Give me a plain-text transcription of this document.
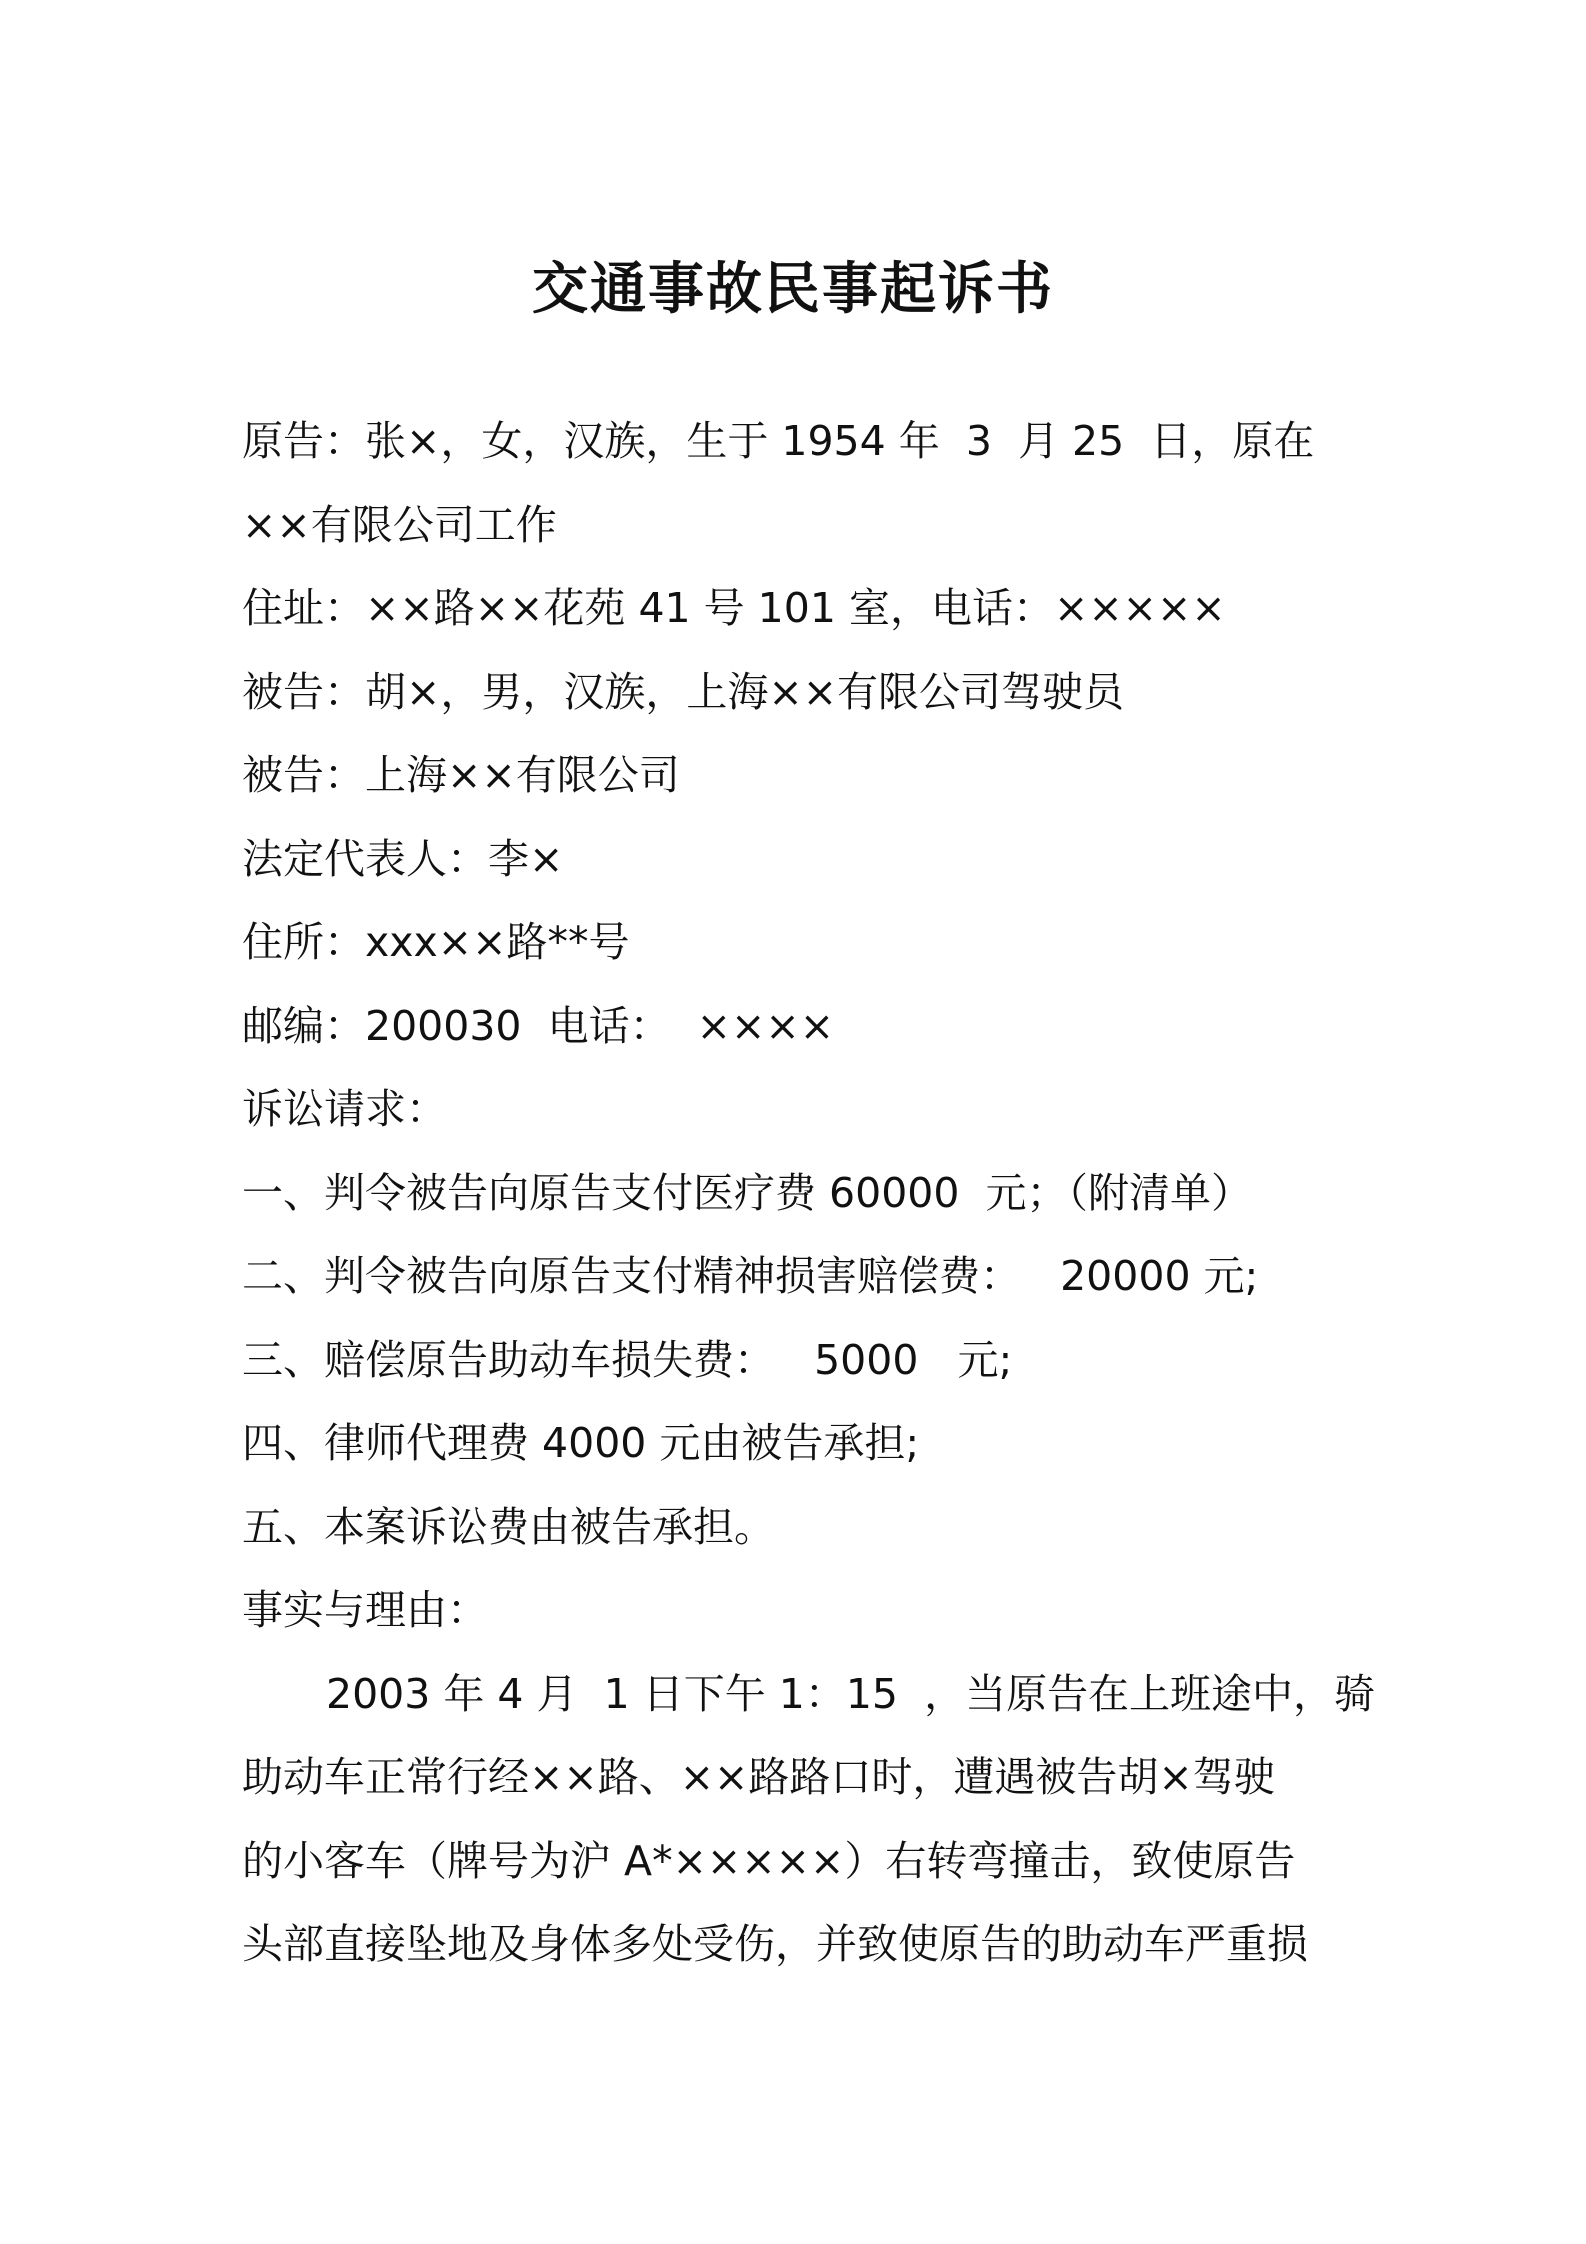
交通事故民事起诉书
原告：张×，女，汉族，生于 1954 年  3  月 25  日，原在
××有限公司工作
住址：××路××花苑 41 号 101 室，电话：×××××
被告：胡×，男，汉族，上海××有限公司驾驶员
被告：上海××有限公司
法定代表人：李×
住所：xxx××路**号
邮编：200030  电话：  ××××
诉讼请求：
一、判令被告向原告支付医疗费 60000  元；（附清单）
二、判令被告向原告支付精神损害赔偿费：   20000 元;
三、赔偿原告助动车损失费：   5000   元;
四、律师代理费 4000 元由被告承担;
五、本案诉讼费由被告承担。
事实与理由：
2003 年 4 月  1 日下午 1：15  ，当原告在上班途中，骑
助动车正常行经××路、××路路口时，遭遇被告胡×驾驶
的小客车（牌号为沪 A*×××××）右转弯撞击，致使原告
头部直接坠地及身体多处受伤，并致使原告的助动车严重损
